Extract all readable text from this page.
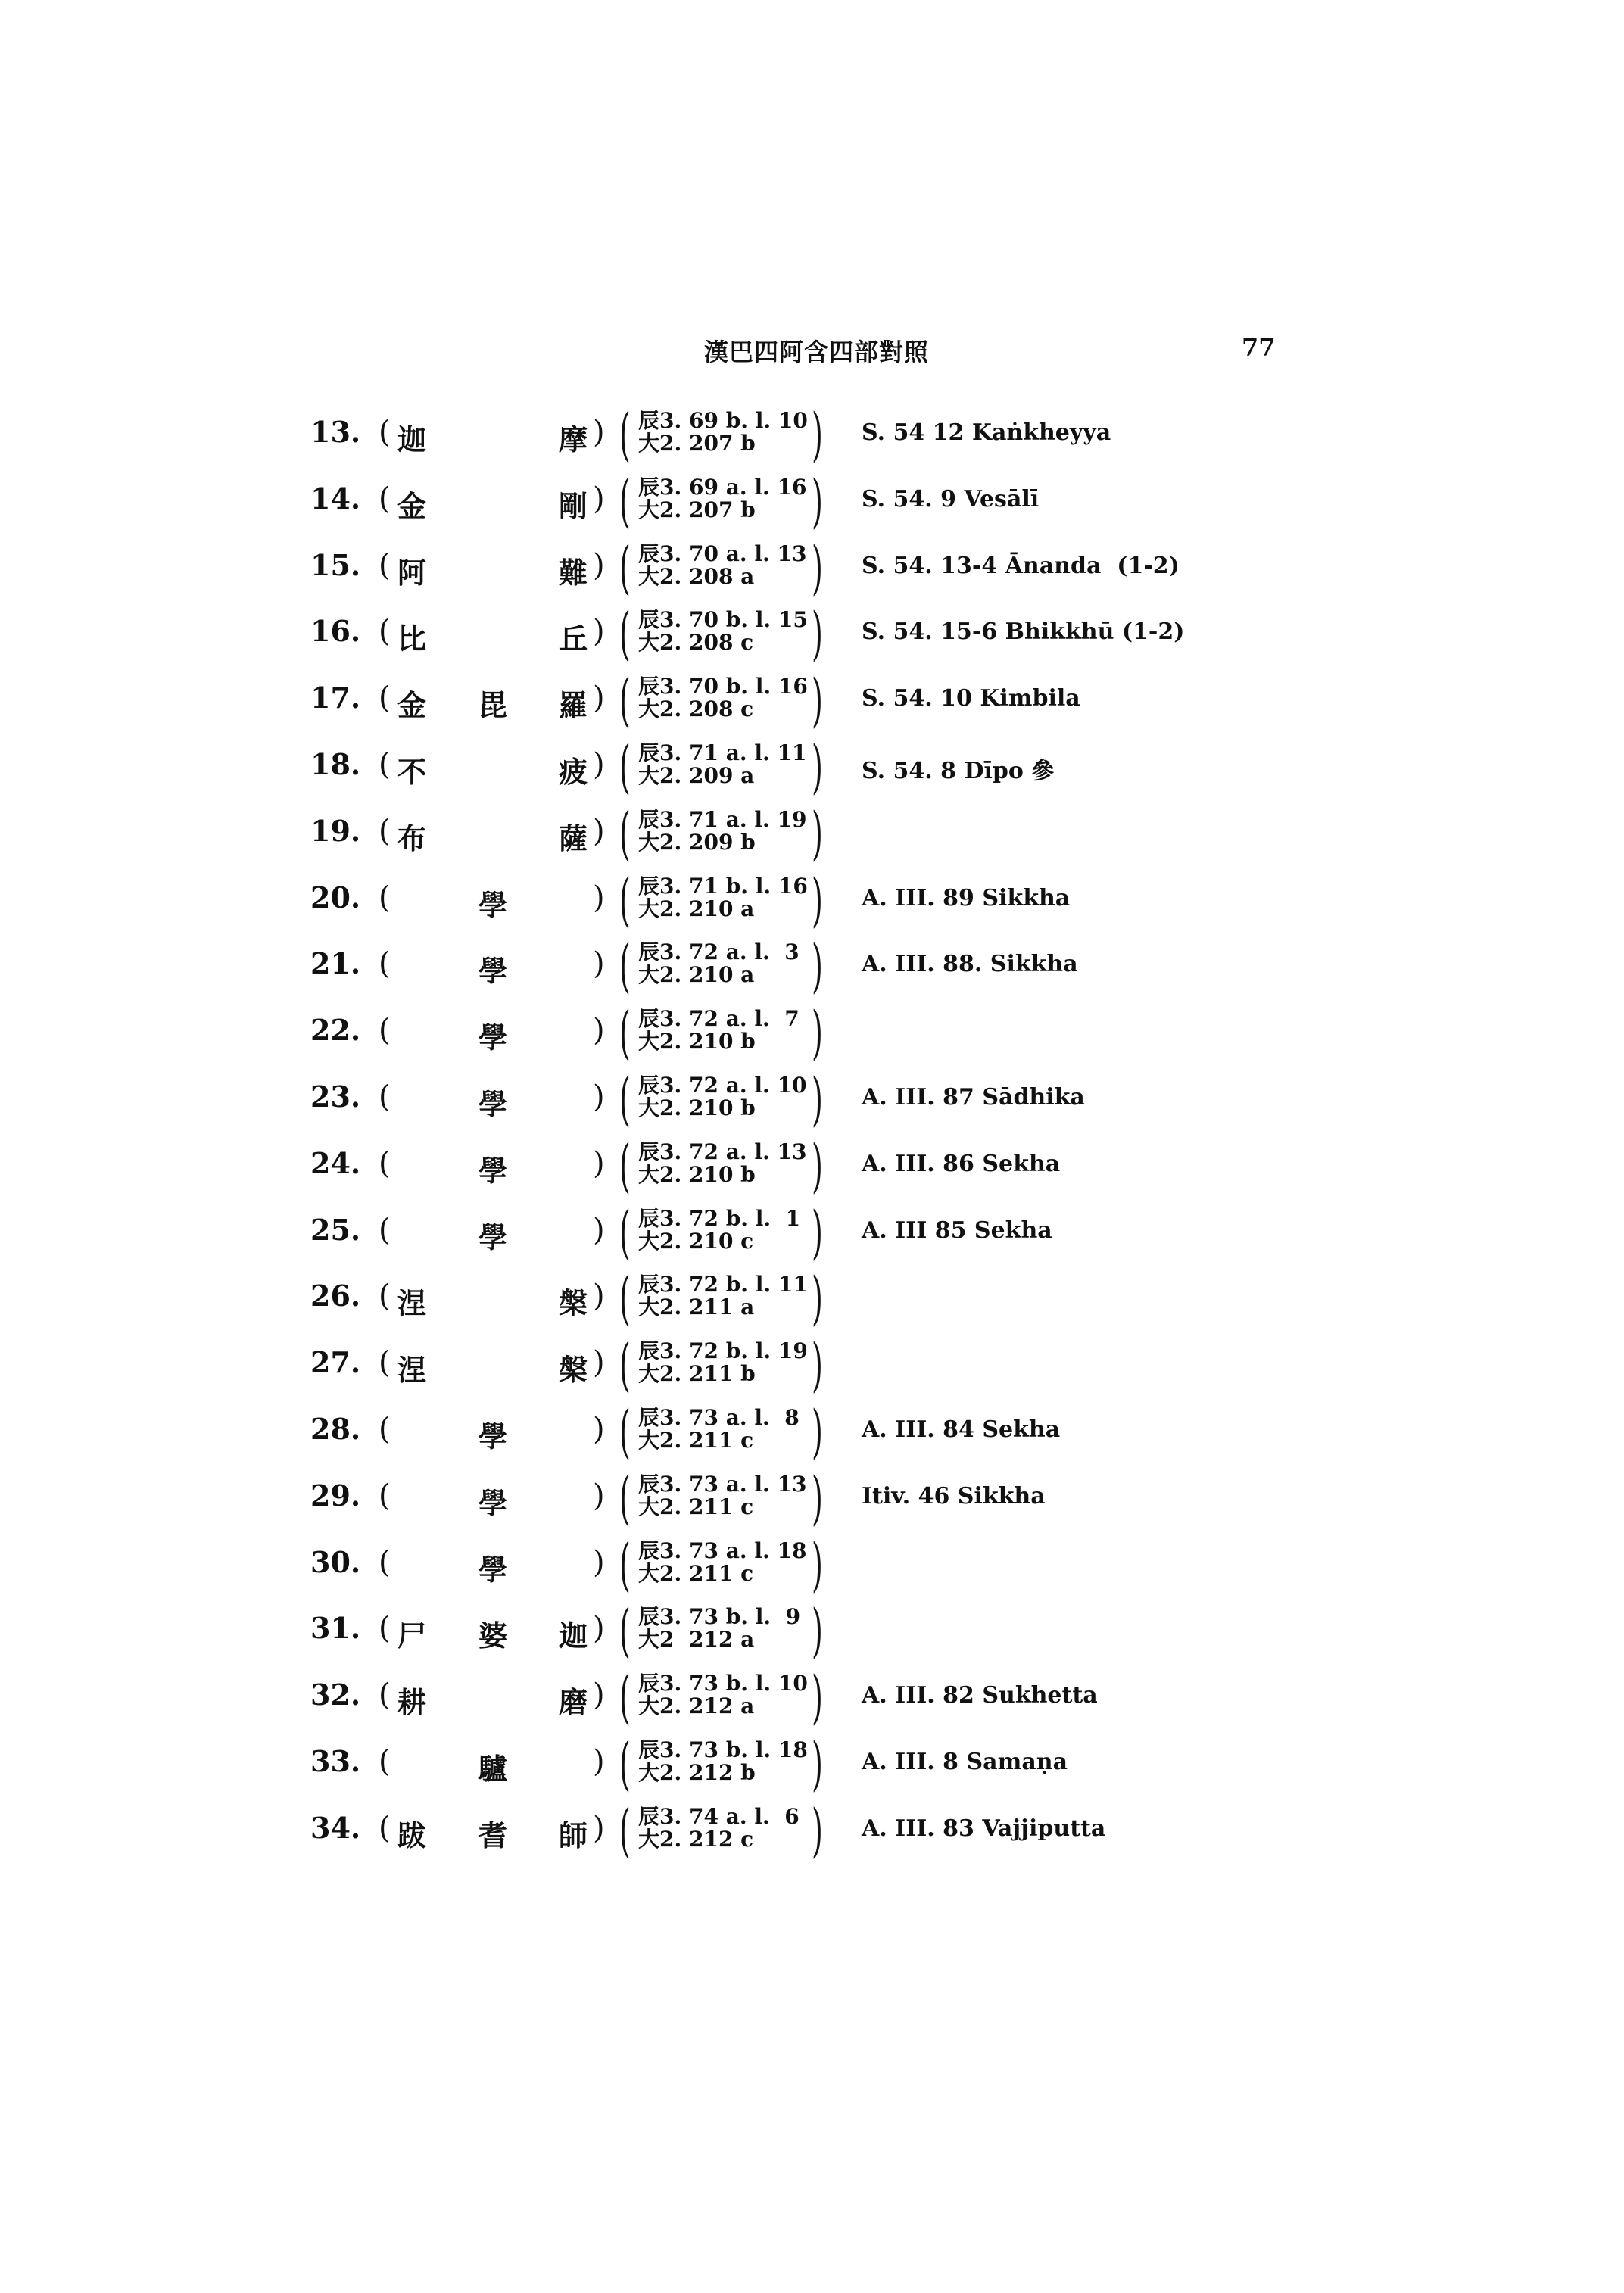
漢巴四阿含四部對照	77
13. ( 迦	摩 ) ( 辰3. 69 b. l. 10
大2. 207 b ) S. 54 12 Kaṅkheyya
14. ( 金	剛 ) ( 辰3. 69 a. l. 16
大2. 207 b ) S. 54. 9 Vesālī
15. ( 阿	難 ) ( 辰3. 70 a. l. 13
大2. 208 a ) S. 54. 13-4 Ānanda  (1-2)
16. ( 比	丘 ) ( 辰3. 70 b. l. 15
大2. 208 c ) S. 54. 15-6 Bhikkhū (1-2)
17. ( 金 毘 羅 ) ( 辰3. 70 b. l. 16
大2. 208 c ) S. 54. 10 Kimbila
18. ( 不	疲 ) ( 辰3. 71 a. l. 11
大2. 209 a ) S. 54. 8 Dīpo 參
19. ( 布	薩 ) ( 辰3. 71 a. l. 19
大2. 209 b )
20. (	學	) ( 辰3. 71 b. l. 16
大2. 210 a ) A. III. 89 Sikkha
21. (	學	) ( 辰3. 72 a. l.  3
大2. 210 a ) A. III. 88. Sikkha
22. (	學	) ( 辰3. 72 a. l.  7
大2. 210 b )
23. (	學	) ( 辰3. 72 a. l. 10
大2. 210 b ) A. III. 87 Sādhika
24. (	學	) ( 辰3. 72 a. l. 13
大2. 210 b ) A. III. 86 Sekha
25. (	學	) ( 辰3. 72 b. l.  1
大2. 210 c ) A. III 85 Sekha
26. ( 涅	槃 ) ( 辰3. 72 b. l. 11
大2. 211 a )
27. ( 涅	槃 ) ( 辰3. 72 b. l. 19
大2. 211 b )
28. (	學	) ( 辰3. 73 a. l.  8
大2. 211 c ) A. III. 84 Sekha
29. (	學	) ( 辰3. 73 a. l. 13
大2. 211 c ) Itiv. 46 Sikkha
30. (	學	) ( 辰3. 73 a. l. 18
大2. 211 c )
31. ( 尸 婆 迦 ) ( 辰3. 73 b. l.  9
大2  212 a )
32. ( 耕	磨 ) ( 辰3. 73 b. l. 10
大2. 212 a ) A. III. 82 Sukhetta
33. (	驢	) ( 辰3. 73 b. l. 18
大2. 212 b ) A. III. 8 Samaṇa
34. ( 跋 耆 師 ) ( 辰3. 74 a. l.  6
大2. 212 c ) A. III. 83 Vajjiputta
